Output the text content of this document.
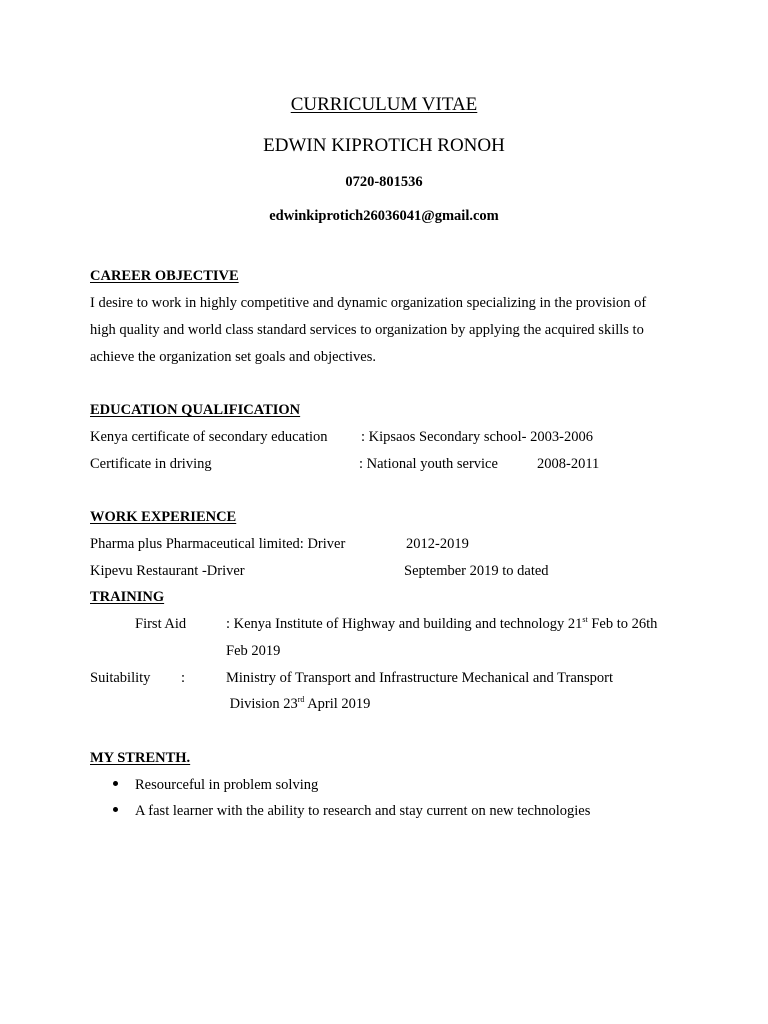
CURRICULUM VITAE
EDWIN KIPROTICH RONOH
0720-801536
edwinkiprotich26036041@gmail.com
CAREER OBJECTIVE
I desire to work in highly competitive and dynamic organization specializing in the provision of
high quality and world class standard services to organization by applying the acquired skills to
achieve the organization set goals and objectives.
EDUCATION QUALIFICATION
Kenya certificate of secondary education : Kipsaos Secondary school- 2003-2006
Certificate in driving	: National youth service	2008-2011
WORK EXPERIENCE
Pharma plus Pharmaceutical limited: Driver	2012-2019
Kipevu Restaurant -Driver	September 2019 to dated
TRAINING
First Aid	: Kenya Institute of Highway and building and technology 21st Feb to 26th
Feb 2019
Suitability :	Ministry of Transport and Infrastructure Mechanical and Transport
Division 23rd April 2019
MY STRENTH.
Resourceful in problem solving
A fast learner with the ability to research and stay current on new technologies
